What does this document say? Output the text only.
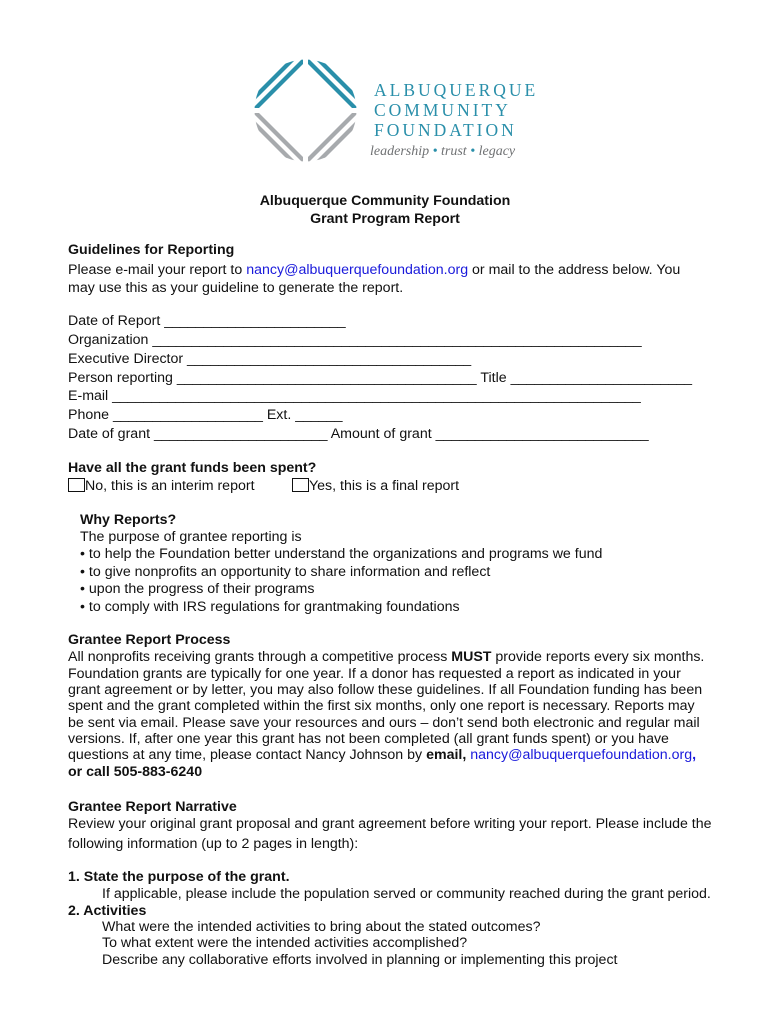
ALBUQUERQUE
COMMUNITY
FOUNDATION
leadership • trust • legacy
Albuquerque Community Foundation
Grant Program Report
Guidelines for Reporting
Please e-mail your report to nancy@albuquerquefoundation.org or mail to the address below. You
may use this as your guideline to generate the report.
Date of Report _______________________
Organization ______________________________________________________________
Executive Director ____________________________________
Person reporting ______________________________________ Title _______________________
E-mail ___________________________________________________________________
Phone ___________________ Ext. ______
Date of grant ______________________ Amount of grant ___________________________
Have all the grant funds been spent?
No, this is an interim report	Yes, this is a final report
Why Reports?
The purpose of grantee reporting is
• to help the Foundation better understand the organizations and programs we fund
• to give nonprofits an opportunity to share information and reflect
• upon the progress of their programs
• to comply with IRS regulations for grantmaking foundations
Grantee Report Process
All nonprofits receiving grants through a competitive process MUST provide reports every six months.
Foundation grants are typically for one year. If a donor has requested a report as indicated in your
grant agreement or by letter, you may also follow these guidelines. If all Foundation funding has been
spent and the grant completed within the first six months, only one report is necessary. Reports may
be sent via email. Please save your resources and ours – don’t send both electronic and regular mail
versions. If, after one year this grant has not been completed (all grant funds spent) or you have
questions at any time, please contact Nancy Johnson by email, nancy@albuquerquefoundation.org,
or call 505-883-6240
Grantee Report Narrative
Review your original grant proposal and grant agreement before writing your report. Please include the
following information (up to 2 pages in length):
1. State the purpose of the grant.
If applicable, please include the population served or community reached during the grant period.
2. Activities
What were the intended activities to bring about the stated outcomes?
To what extent were the intended activities accomplished?
Describe any collaborative efforts involved in planning or implementing this project
